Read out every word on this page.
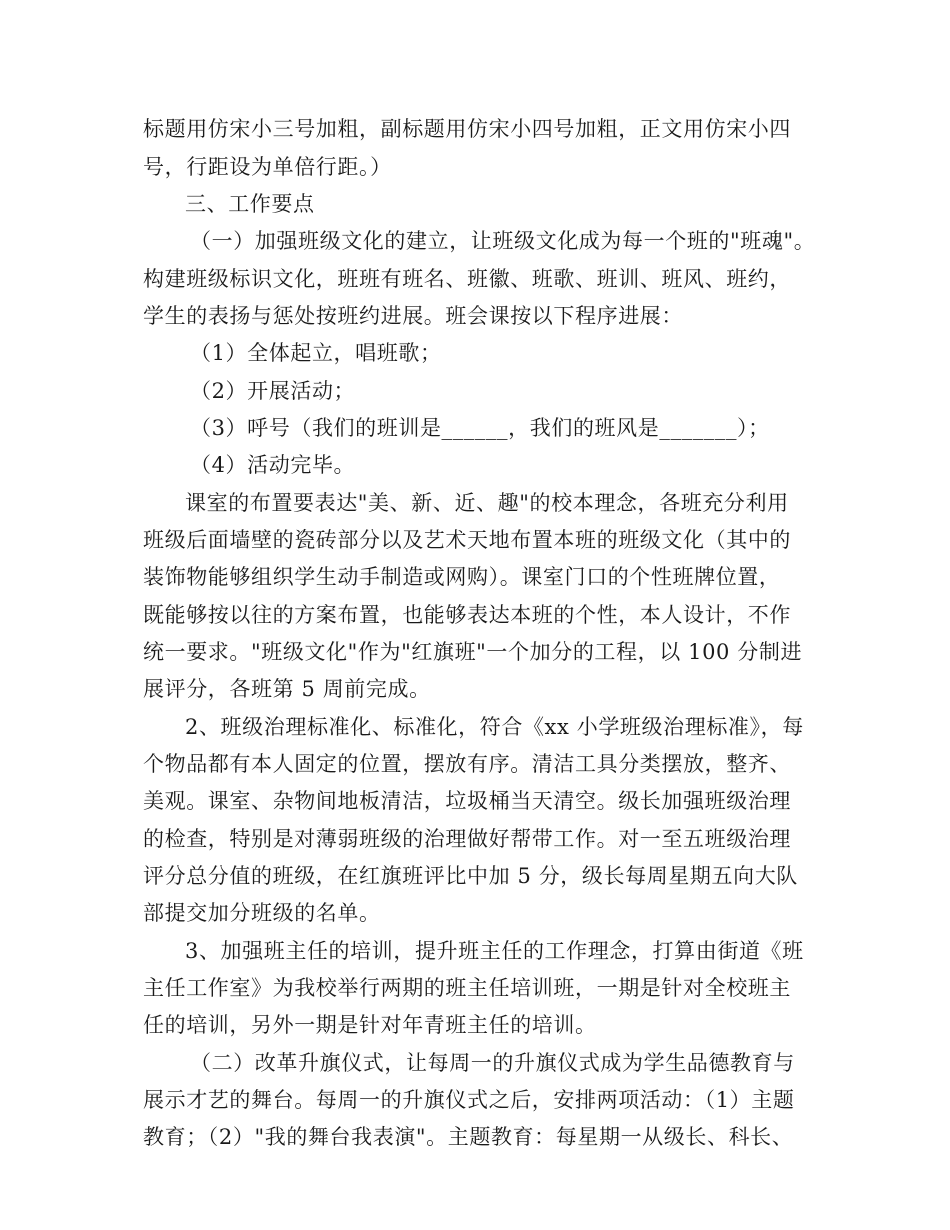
标题用仿宋小三号加粗，副标题用仿宋小四号加粗，正文用仿宋小四
号，行距设为单倍行距。）
三、工作要点
（一）加强班级文化的建立，让班级文化成为每一个班的"班魂"。
构建班级标识文化，班班有班名、班徽、班歌、班训、班风、班约，
学生的表扬与惩处按班约进展。班会课按以下程序进展：
（1）全体起立，唱班歌；
（2）开展活动；
（3）呼号（我们的班训是______，我们的班风是_______）；
（4）活动完毕。
课室的布置要表达"美、新、近、趣"的校本理念，各班充分利用
班级后面墙壁的瓷砖部分以及艺术天地布置本班的班级文化（其中的
装饰物能够组织学生动手制造或网购）。课室门口的个性班牌位置，
既能够按以往的方案布置，也能够表达本班的个性，本人设计，不作
统一要求。"班级文化"作为"红旗班"一个加分的工程，以 100 分制进
展评分，各班第 5 周前完成。
2、班级治理标准化、标准化，符合《xx 小学班级治理标准》，每
个物品都有本人固定的位置，摆放有序。清洁工具分类摆放，整齐、
美观。课室、杂物间地板清洁，垃圾桶当天清空。级长加强班级治理
的检查，特别是对薄弱班级的治理做好帮带工作。对一至五班级治理
评分总分值的班级，在红旗班评比中加 5 分，级长每周星期五向大队
部提交加分班级的名单。
3、加强班主任的培训，提升班主任的工作理念，打算由街道《班
主任工作室》为我校举行两期的班主任培训班，一期是针对全校班主
任的培训，另外一期是针对年青班主任的培训。
（二）改革升旗仪式，让每周一的升旗仪式成为学生品德教育与
展示才艺的舞台。每周一的升旗仪式之后，安排两项活动：（1）主题
教育；（2）"我的舞台我表演"。主题教育：每星期一从级长、科长、
